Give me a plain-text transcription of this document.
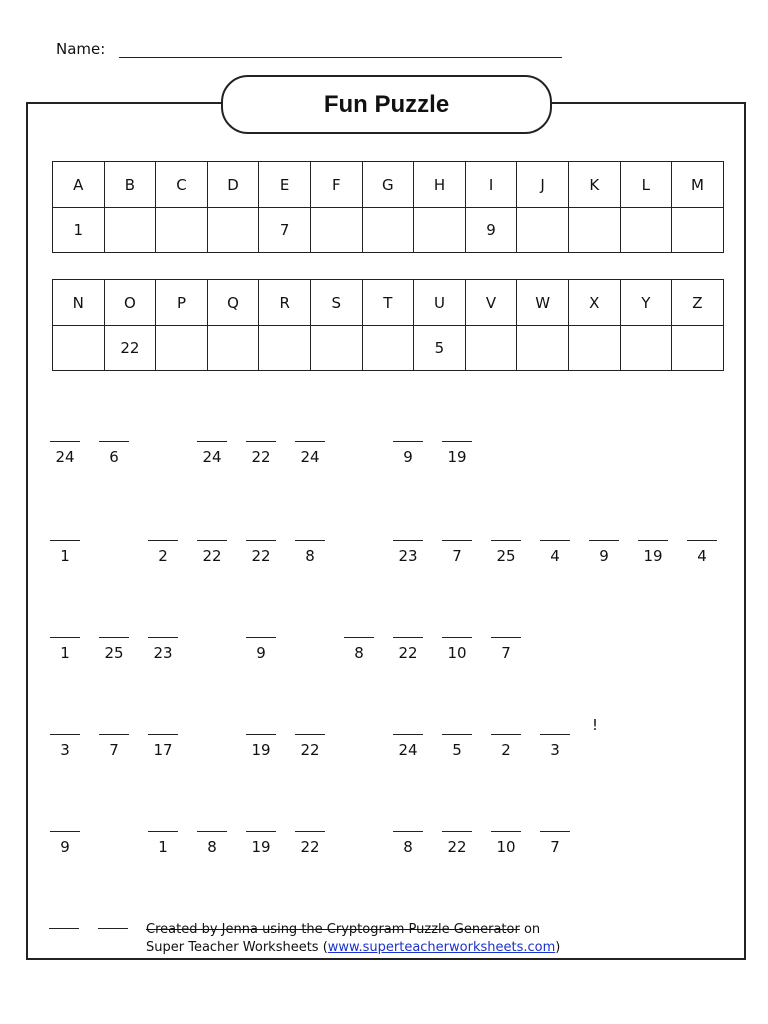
Name:
Fun Puzzle
A	B	C	D	E	F	G	H	I	J	K	L	M
1				7				9				
N	O	P	Q	R	S	T	U	V	W	X	Y	Z
	22						5					
24	6	24	22	24	9	19
1	2	22	22	8	23	7	25	4	9	19	4
1	25	23	9	8	22	10	7
3	7	17	19	22	24	5	2	3
9	1	8	19	22	8	22	10	7
!
Created by Jenna using the Cryptogram Puzzle Generator on
Super Teacher Worksheets (www.superteacherworksheets.com)
